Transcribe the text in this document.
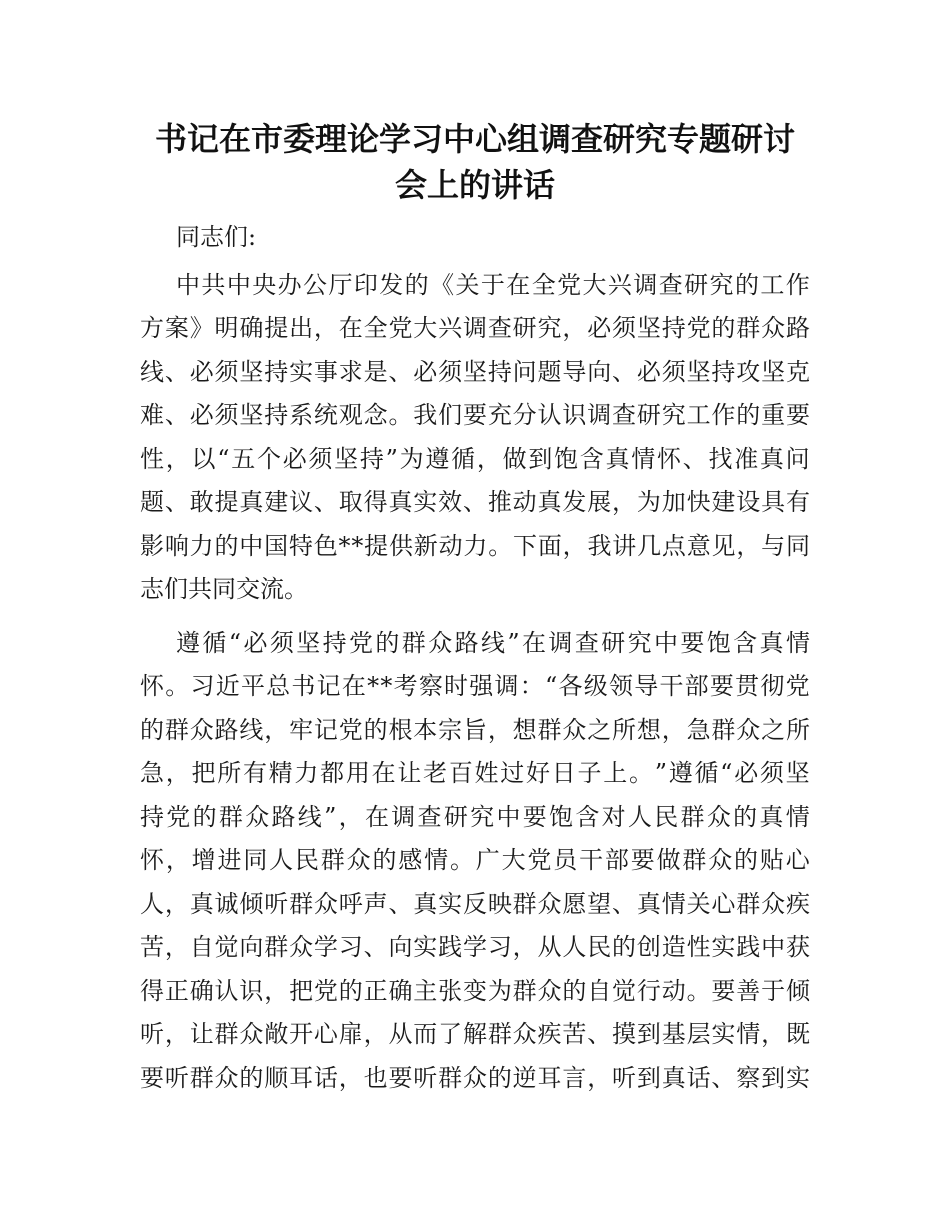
书记在市委理论学习中心组调查研究专题研讨
会上的讲话
同志们:
中 共 中 央 办 公 厅 印 发 的 《 关 于 在 全 党 大 兴 调 查 研 究 的 工 作
方 案 》 明 确 提 出 ， 在 全 党 大 兴 调 查 研 究 ， 必 须 坚 持 党 的 群 众 路
线 、 必 须 坚 持 实 事 求 是 、 必 须 坚 持 问 题 导 向 、 必 须 坚 持 攻 坚 克
难 、 必 须 坚 持 系 统 观 念 。 我 们 要 充 分 认 识 调 查 研 究 工 作 的 重 要
性 ， 以 “ 五 个 必 须 坚 持 ” 为 遵 循 ， 做 到 饱 含 真 情 怀 、 找 准 真 问
题 、 敢 提 真 建 议 、 取 得 真 实 效 、 推 动 真 发 展 ， 为 加 快 建 设 具 有
影 响 力 的 中 国 特 色 * * 提 供 新 动 力 。 下 面 ， 我 讲 几 点 意 见 ， 与 同
志们共同交流。
遵 循 “ 必 须 坚 持 党 的 群 众 路 线 ” 在 调 查 研 究 中 要 饱 含 真 情
怀 。 习 近 平 总 书 记 在 * * 考 察 时 强 调 ： “ 各 级 领 导 干 部 要 贯 彻 党
的 群 众 路 线 ， 牢 记 党 的 根 本 宗 旨 ， 想 群 众 之 所 想 ， 急 群 众 之 所
急 ， 把 所 有 精 力 都 用 在 让 老 百 姓 过 好 日 子 上 。 ” 遵 循 “ 必 须 坚
持 党 的 群 众 路 线 ” ， 在 调 查 研 究 中 要 饱 含 对 人 民 群 众 的 真 情
怀 ， 增 进 同 人 民 群 众 的 感 情 。 广 大 党 员 干 部 要 做 群 众 的 贴 心
人 ， 真 诚 倾 听 群 众 呼 声 、 真 实 反 映 群 众 愿 望 、 真 情 关 心 群 众 疾
苦 ， 自 觉 向 群 众 学 习 、 向 实 践 学 习 ， 从 人 民 的 创 造 性 实 践 中 获
得 正 确 认 识 ， 把 党 的 正 确 主 张 变 为 群 众 的 自 觉 行 动 。 要 善 于 倾
听 ， 让 群 众 敞 开 心 扉 ， 从 而 了 解 群 众 疾 苦 、 摸 到 基 层 实 情 ， 既
要 听 群 众 的 顺 耳 话 ， 也 要 听 群 众 的 逆 耳 言 ， 听 到 真 话 、 察 到 实
